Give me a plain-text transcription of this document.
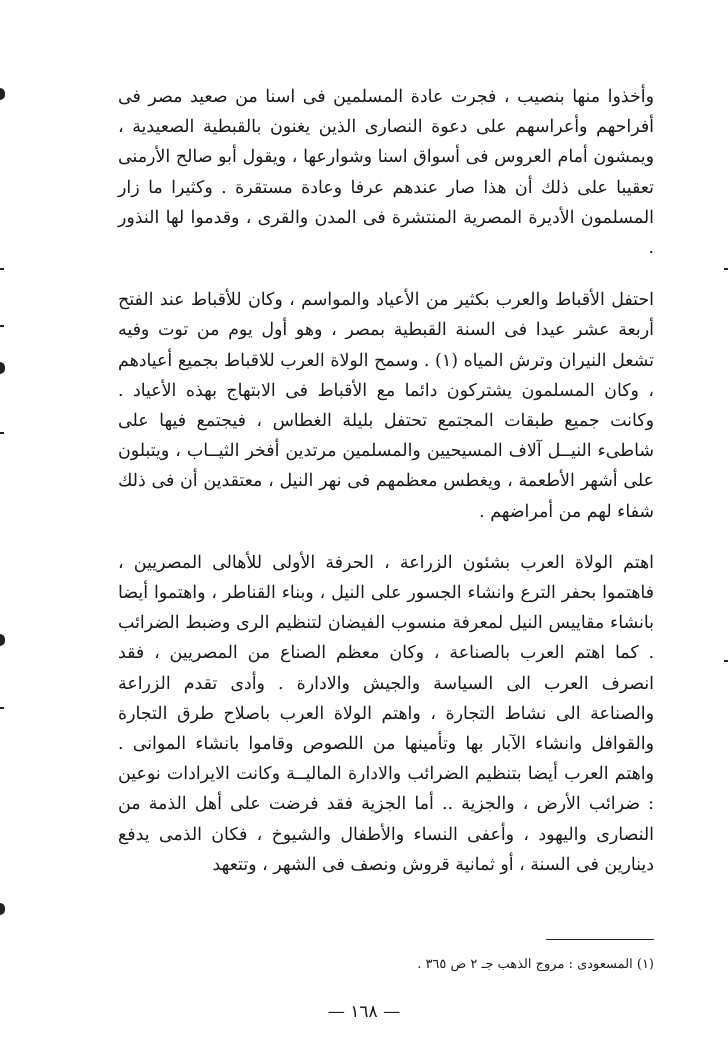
وأخذوا منها بنصيب ، فجرت عادة المسلمين فى اسنا من صعيد مصر فى أفراحهم وأعراسهم على دعوة النصارى الذين يغنون بالقبطية الصعيدية ، ويمشون أمام العروس فى أسواق اسنا وشوارعها ، ويقول أبو صالح الأرمنى تعقيبا على ذلك أن هذا صار عندهم عرفا وعادة مستقرة . وكثيرا ما زار المسلمون الأديرة المصرية المنتشرة فى المدن والقرى ، وقدموا لها النذور .

احتفل الأقباط والعرب بكثير من الأعياد والمواسم ، وكان للأقباط عند الفتح أربعة عشر عيدا فى السنة القبطية بمصر ، وهو أول يوم من توت وفيه تشعل النيران وترش المياه (١) . وسمح الولاة العرب للاقباط بجميع أعيادهم ، وكان المسلمون يشتركون دائما مع الأقباط فى الابتهاج بهذه الأعياد . وكانت جميع طبقات المجتمع تحتفل بليلة الغطاس ، فيجتمع فيها على شاطىء النيــل آلاف المسيحيين والمسلمين مرتدين أفخر الثيــاب ، ويتبلون على أشهر الأطعمة ، ويغطس معظمهم فى نهر النيل ، معتقدين أن فى ذلك شفاء لهم من أمراضهم .

اهتم الولاة العرب بشئون الزراعة ، الحرفة الأولى للأهالى المصريين ، فاهتموا بحفر الترع وانشاء الجسور على النيل ، وبناء القناطر ، واهتموا أيضا بانشاء مقاييس النيل لمعرفة منسوب الفيضان لتنظيم الرى وضبط الضرائب . كما اهتم العرب بالصناعة ، وكان معظم الصناع من المصريين ، فقد انصرف العرب الى السياسة والجيش والادارة . وأدى تقدم الزراعة والصناعة الى نشاط التجارة ، واهتم الولاة العرب باصلاح طرق التجارة والقوافل وانشاء الآبار بها وتأمينها من اللصوص وقاموا بانشاء الموانى . واهتم العرب أيضا بتنظيم الضرائب والادارة الماليــة وكانت الايرادات نوعين : ضرائب الأرض ، والجزية .. أما الجزية فقد فرضت على أهل الذمة من النصارى واليهود ، وأعفى النساء والأطفال والشيوخ ، فكان الذمى يدفع دينارين فى السنة ، أو ثمانية قروش ونصف فى الشهر ، وتتعهد

(١) المسعودى : مروج الذهب جـ ٢ ص ٣٦٥ .
— ١٦٨ —
